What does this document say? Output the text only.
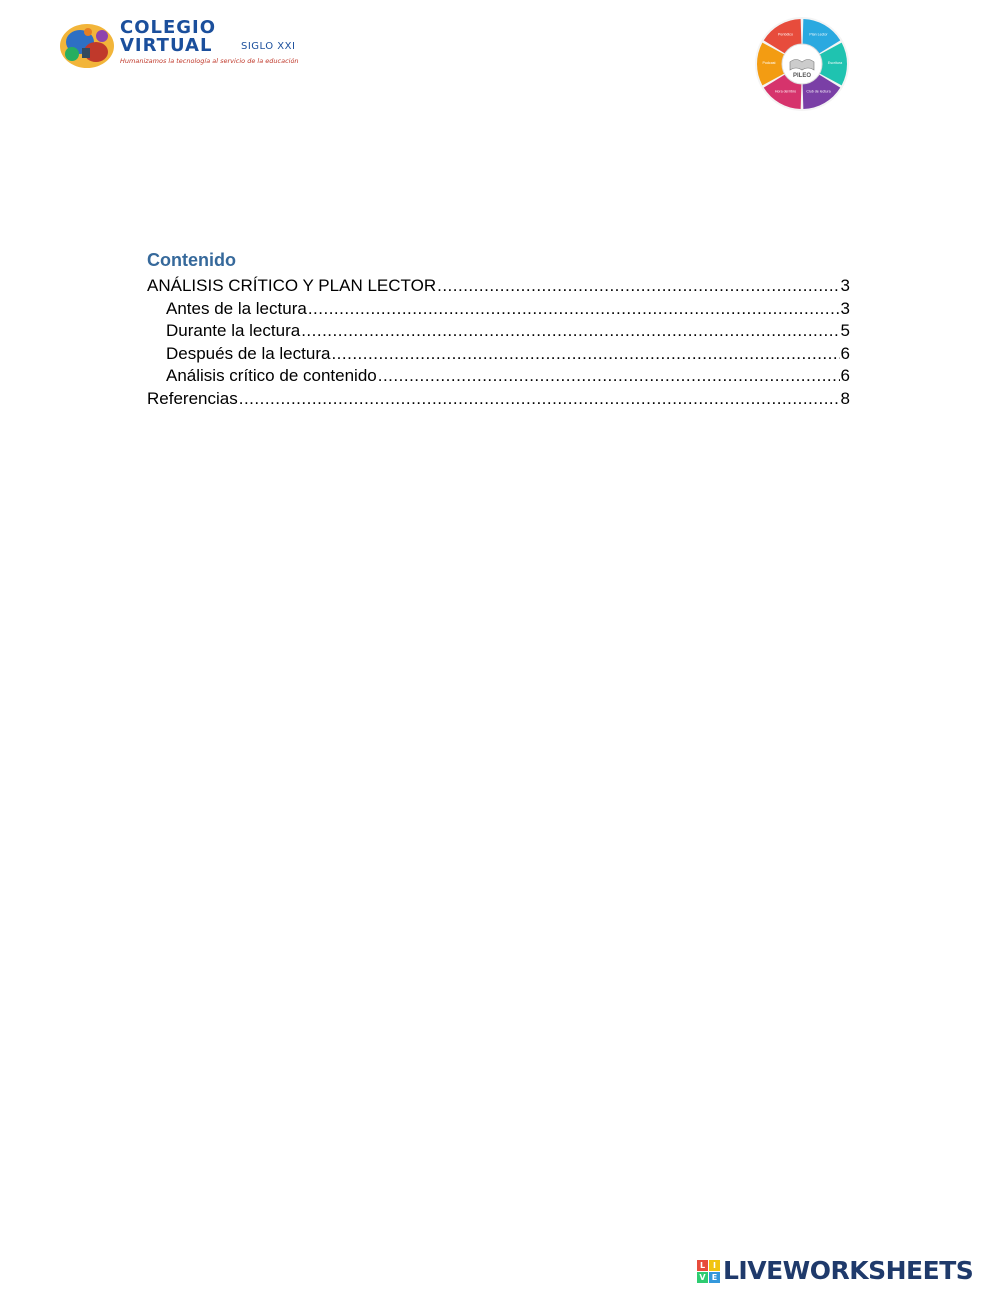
COLEGIO
VIRTUAL	SIGLO XXI
Humanizamos la tecnología al servicio de la educación
Plan Lector
Escritura
Club de lectura
Hora del libro
Podcast
Periódico
PILEO
Contenido
ANÁLISIS CRÍTICO Y PLAN LECTOR .....	3
Antes de la lectura .....	3
Durante la lectura .....	5
Después de la lectura .....	6
Análisis crítico de contenido .....	6
Referencias .....	8
L I
V E LIVEWORKSHEETS
